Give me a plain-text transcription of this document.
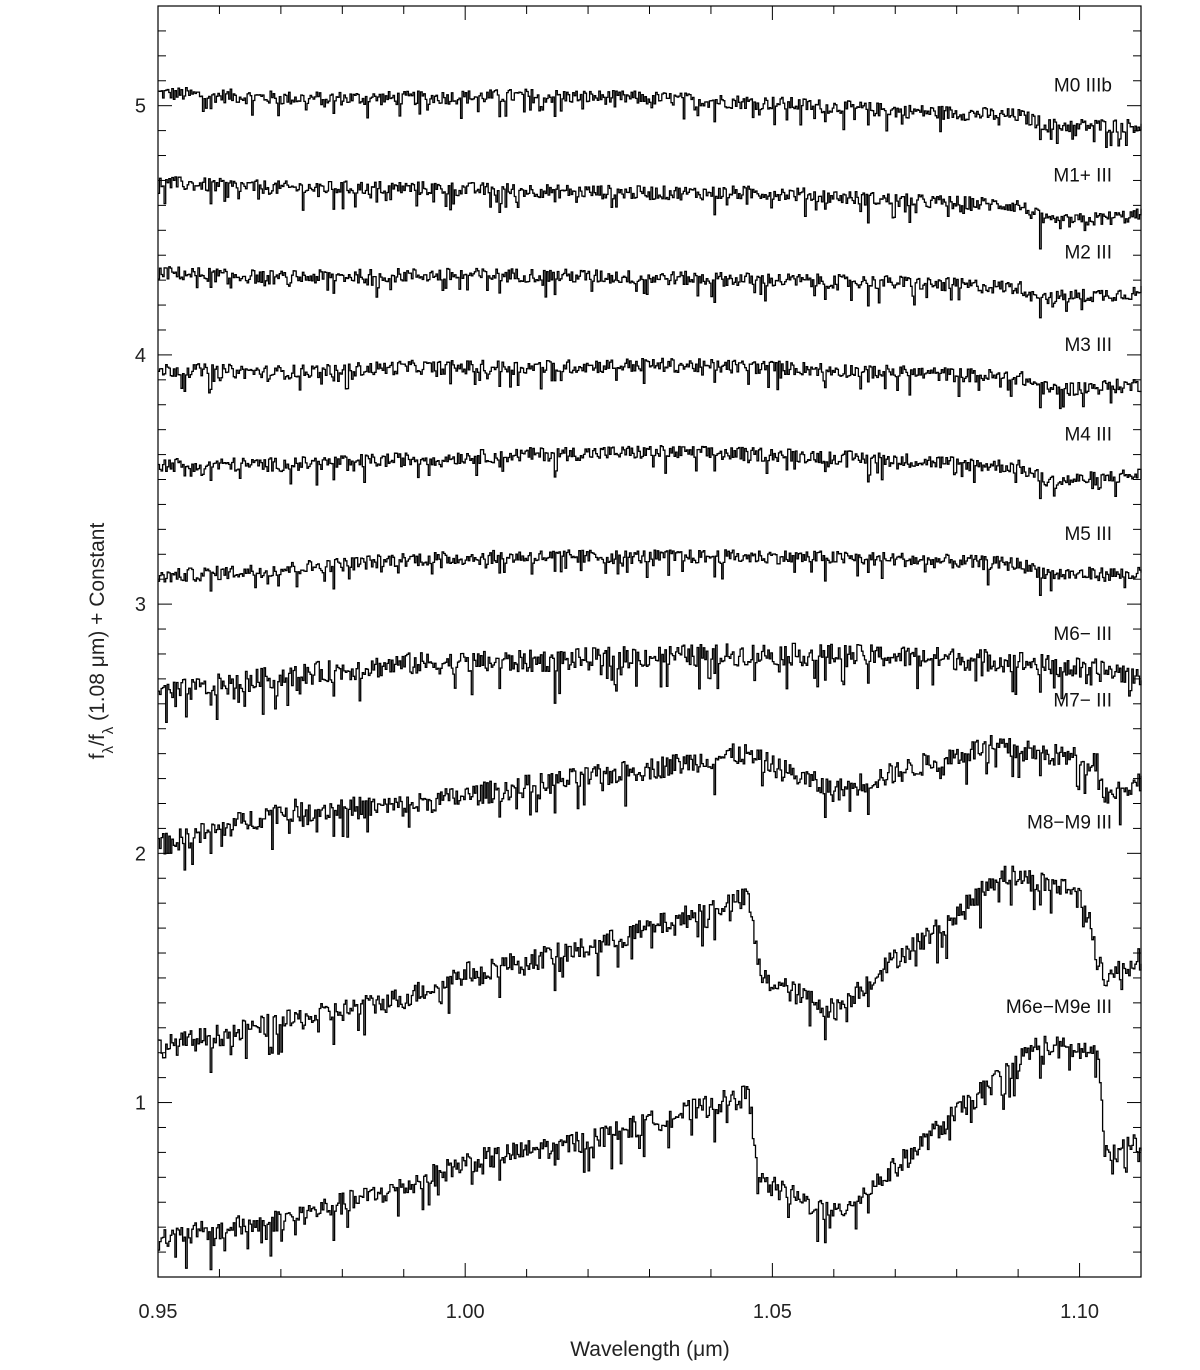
0.95	1.00	1.05	1.10
1
2
3
4
5
M0 IIIb
M1+ III
M2 III
M3 III
M4 III
M5 III
M6− III
M7− III
M8−M9 III
M6e−M9e III
Wavelength (μm)
$f_\lambda/f_\lambda$ (1.08 μm) + Constant
